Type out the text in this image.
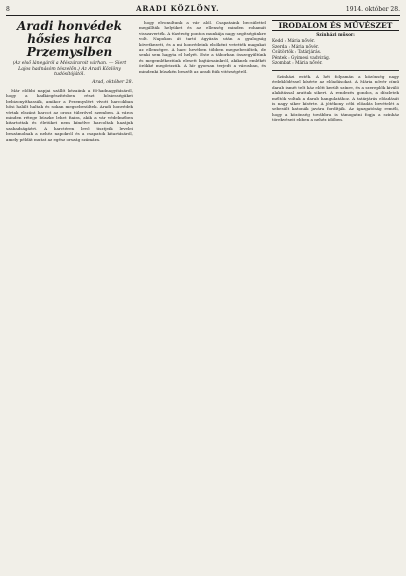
8	ARADI KÖZLÖNY.	1914. október 28.
Aradi honvédek hősies harca Przemyslben
(Az első lánegáról a Mészáraroit várhan. — Siert Lajos hadnásóm tészelőn.) Az Aradi Közlöny tudósítójától.
Arad, október 28.

Már előbbi napjai szállít kézaiink a fő-hadnagyításáról, hogy a hadkiegészítésben részt hősiességüket bebizonyíthassák, amikor a Przemyslért vívott harcokban hősi halált haltak és sokan megsebesültek. Aradi honvédek vívtak elszánt harcot az orosz túlerővel szemben. A város minden rétege büszke lehet fiaira, akik a vár védelmében kitartottak és életüket nem kímélve harcoltak hazájuk szabadságáért. A harctéren levő tisztjeik levelei beszámolnak a nehéz napokról és a csapatok kitartásáról, amely példát mutat az egész ország számára.

hogy elvonultunk a vár alól. Csapataink becsülettel megállták helyüket és az ellenség minden rohamát visszaverték. A tüzérség pontos munkája nagy segítségünkre volt. Napokon át tartó ágyúzás után a gyalogság következett, és a mi honvédeink elsőként vetették magukat az ellenségre. A harc hevében többen megsebesültek, de senki sem hagyta el helyét. Este a táborban összegyűltünk és megemlékeztünk elesett bajtársainkról, akiknek emlékét örökké megőrizzük. A hír gyorsan terjedt a városban, és mindenki büszkén beszélt az aradi fiúk vitézségéről.

IRODALOM ÉS MŰVÉSZET
Színházi műsor:
Kedd : Mária nővér.
Szerda : Mária nővér.
Csütörtök : Tatárjárás.
Péntek : Gyimesi vadvirág.
Szombat : Mária nővér.

Színházi esték. A hét folyamán a közönség nagy érdeklődéssel kísérte az előadásokat. A Mária nővér című darab ismét telt ház előtt került színre, és a szereplők kiváló alakítással arattak sikert. A rendezés gondos, a díszletek méltók voltak a darab hangulatához. A tatárjárás előadását is nagy siker kísérte. A jótékony célú előadás bevételét a sebesült katonák javára fordítják. Az igazgatóság reméli, hogy a közönség továbbra is támogatni fogja a színház törekvéseit ebben a nehéz időben.
